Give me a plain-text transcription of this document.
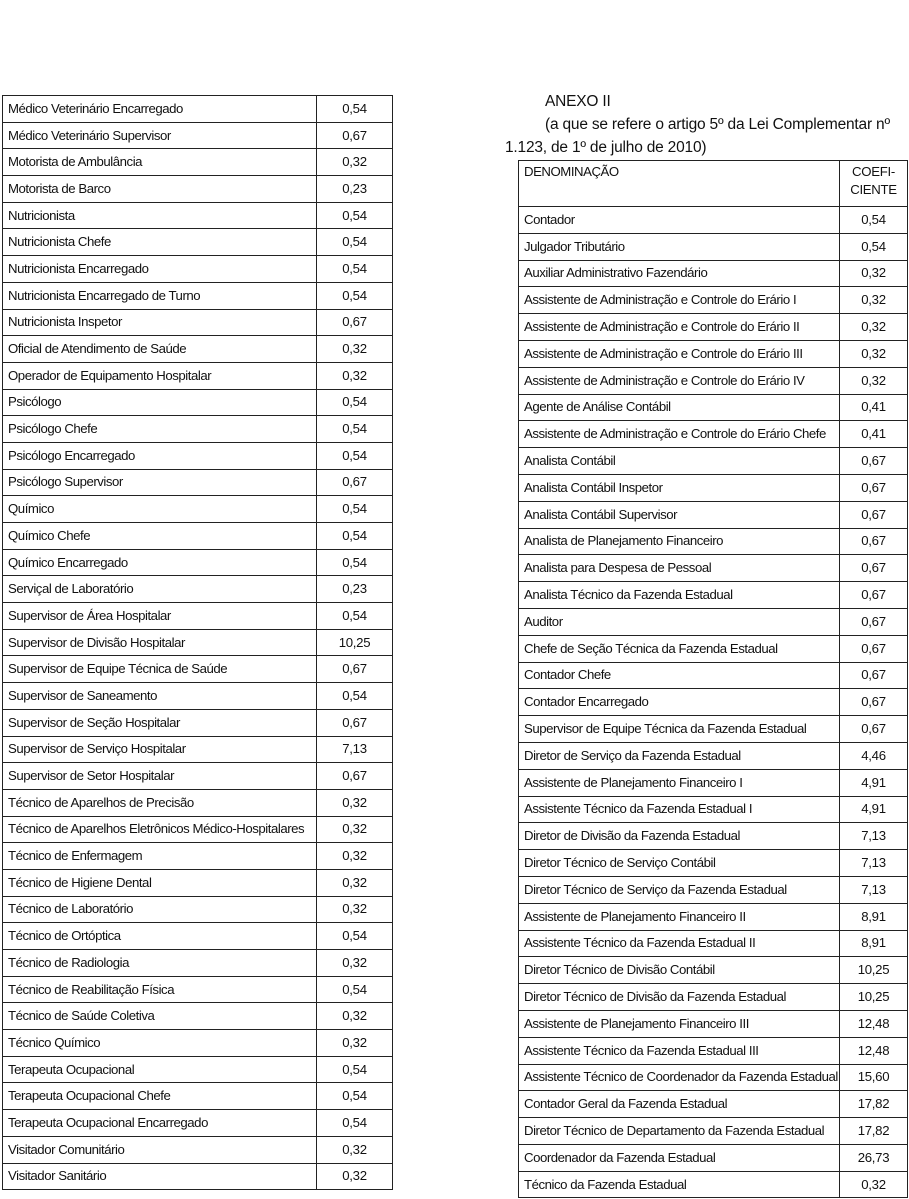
Médico Veterinário Encarregado	0,54
Médico Veterinário Supervisor	0,67
Motorista de Ambulância	0,32
Motorista de Barco	0,23
Nutricionista	0,54
Nutricionista Chefe	0,54
Nutricionista Encarregado	0,54
Nutricionista Encarregado de Turno	0,54
Nutricionista Inspetor	0,67
Oficial de Atendimento de Saúde	0,32
Operador de Equipamento Hospitalar	0,32
Psicólogo	0,54
Psicólogo Chefe	0,54
Psicólogo Encarregado	0,54
Psicólogo Supervisor	0,67
Químico	0,54
Químico Chefe	0,54
Químico Encarregado	0,54
Serviçal de Laboratório	0,23
Supervisor de Área Hospitalar	0,54
Supervisor de Divisão Hospitalar	10,25
Supervisor de Equipe Técnica de Saúde	0,67
Supervisor de Saneamento	0,54
Supervisor de Seção Hospitalar	0,67
Supervisor de Serviço Hospitalar	7,13
Supervisor de Setor Hospitalar	0,67
Técnico de Aparelhos de Precisão	0,32
Técnico de Aparelhos Eletrônicos Médico-Hospitalares	0,32
Técnico de Enfermagem	0,32
Técnico de Higiene Dental	0,32
Técnico de Laboratório	0,32
Técnico de Ortóptica	0,54
Técnico de Radiologia	0,32
Técnico de Reabilitação Física	0,54
Técnico de Saúde Coletiva	0,32
Técnico Químico	0,32
Terapeuta Ocupacional	0,54
Terapeuta Ocupacional Chefe	0,54
Terapeuta Ocupacional Encarregado	0,54
Visitador Comunitário	0,32
Visitador Sanitário	0,32
ANEXO II
(a que se refere o artigo 5º da Lei Complementar nº
1.123, de 1º de julho de 2010)
DENOMINAÇÃO	COEFI-
CIENTE
Contador	0,54
Julgador Tributário	0,54
Auxiliar Administrativo Fazendário	0,32
Assistente de Administração e Controle do Erário I	0,32
Assistente de Administração e Controle do Erário II	0,32
Assistente de Administração e Controle do Erário III	0,32
Assistente de Administração e Controle do Erário IV	0,32
Agente de Análise Contábil	0,41
Assistente de Administração e Controle do Erário Chefe	0,41
Analista Contábil	0,67
Analista Contábil Inspetor	0,67
Analista Contábil Supervisor	0,67
Analista de Planejamento Financeiro	0,67
Analista para Despesa de Pessoal	0,67
Analista Técnico da Fazenda Estadual	0,67
Auditor	0,67
Chefe de Seção Técnica da Fazenda Estadual	0,67
Contador Chefe	0,67
Contador Encarregado	0,67
Supervisor de Equipe Técnica da Fazenda Estadual	0,67
Diretor de Serviço da Fazenda Estadual	4,46
Assistente de Planejamento Financeiro I	4,91
Assistente Técnico da Fazenda Estadual I	4,91
Diretor de Divisão da Fazenda Estadual	7,13
Diretor Técnico de Serviço Contábil	7,13
Diretor Técnico de Serviço da Fazenda Estadual	7,13
Assistente de Planejamento Financeiro II	8,91
Assistente Técnico da Fazenda Estadual II	8,91
Diretor Técnico de Divisão Contábil	10,25
Diretor Técnico de Divisão da Fazenda Estadual	10,25
Assistente de Planejamento Financeiro III	12,48
Assistente Técnico da Fazenda Estadual III	12,48
Assistente Técnico de Coordenador da Fazenda Estadual	15,60
Contador Geral da Fazenda Estadual	17,82
Diretor Técnico de Departamento da Fazenda Estadual	17,82
Coordenador da Fazenda Estadual	26,73
Técnico da Fazenda Estadual	0,32
